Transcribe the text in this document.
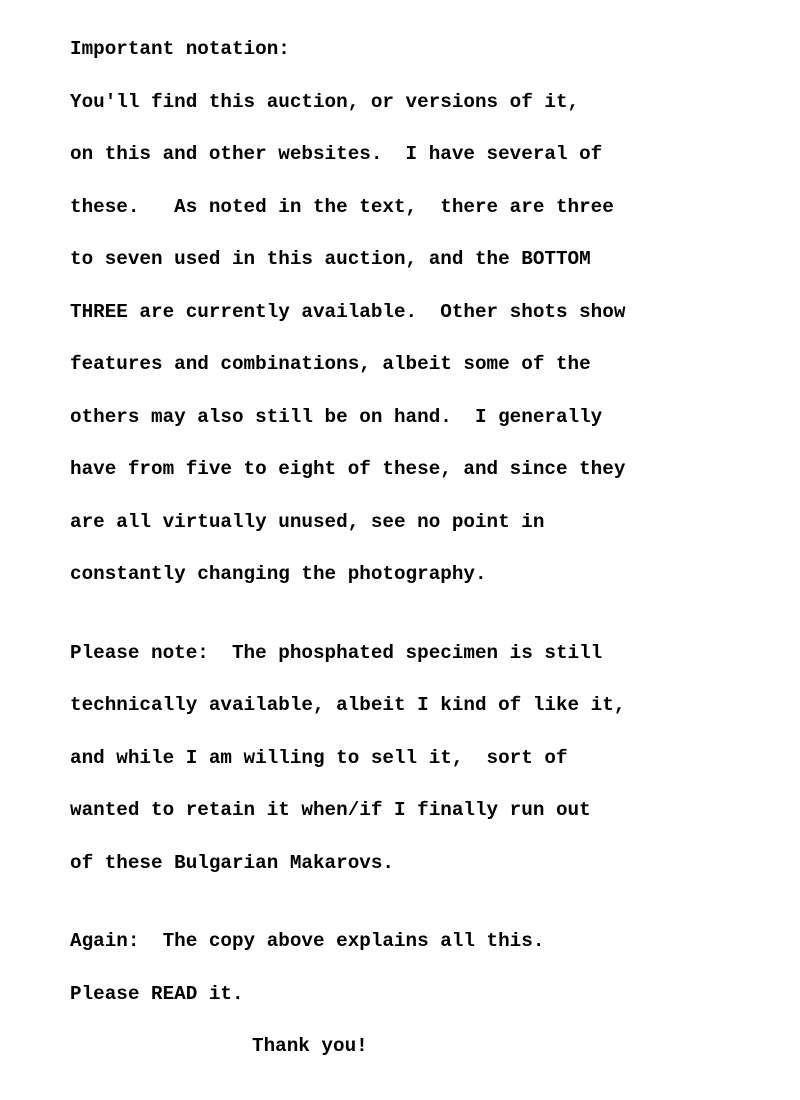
Important notation:
You'll find this auction, or versions of it,
on this and other websites.  I have several of
these.   As noted in the text,  there are three
to seven used in this auction, and the BOTTOM
THREE are currently available.  Other shots show
features and combinations, albeit some of the
others may also still be on hand.  I generally
have from five to eight of these, and since they
are all virtually unused, see no point in
constantly changing the photography.
Please note:  The phosphated specimen is still
technically available, albeit I kind of like it,
and while I am willing to sell it,  sort of
wanted to retain it when/if I finally run out
of these Bulgarian Makarovs.
Again:  The copy above explains all this.
Please READ it.
Thank you!
